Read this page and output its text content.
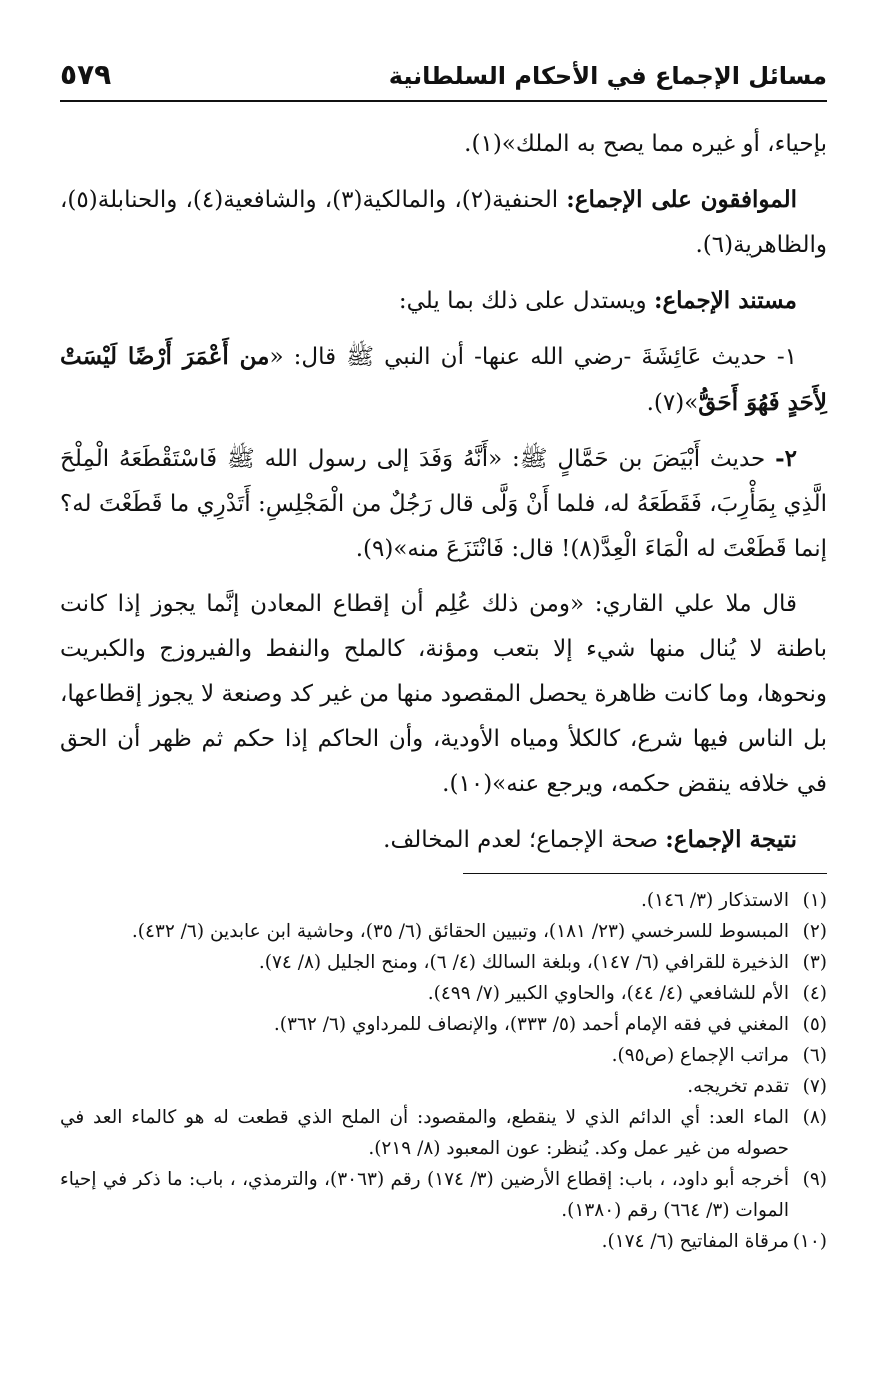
٥٧٩	مسائل الإجماع في الأحكام السلطانية

بإحياء، أو غيره مما يصح به الملك»(١).

الموافقون على الإجماع: الحنفية(٢)، والمالكية(٣)، والشافعية(٤)، والحنابلة(٥)، والظاهرية(٦).

مستند الإجماع: ويستدل على ذلك بما يلي:

١- حديث عَائِشَةَ -رضي الله عنها- أن النبي ﷺ قال: «من أَعْمَرَ أَرْضًا لَيْسَتْ لِأَحَدٍ فَهُوَ أَحَقُّ»(٧).

٢- حديث أَبْيَضَ بن حَمَّالٍ ﷺ: «أَنَّهُ وَفَدَ إلى رسول الله ﷺ فَاسْتَقْطَعَهُ الْمِلْحَ الَّذِي بِمَأْرِبَ، فَقَطَعَهُ له، فلما أَنْ وَلَّى قال رَجُلٌ من الْمَجْلِسِ: أَتَدْرِي ما قَطَعْتَ له؟ إنما قَطَعْتَ له الْمَاءَ الْعِدَّ(٨)! قال: فَانْتَزَعَ منه»(٩).

قال ملا علي القاري: «ومن ذلك عُلِم أن إقطاع المعادن إنَّما يجوز إذا كانت باطنة لا يُنال منها شيء إلا بتعب ومؤنة، كالملح والنفط والفيروزج والكبريت ونحوها، وما كانت ظاهرة يحصل المقصود منها من غير كد وصنعة لا يجوز إقطاعها، بل الناس فيها شرع، كالكلأ ومياه الأودية، وأن الحاكم إذا حكم ثم ظهر أن الحق في خلافه ينقض حكمه، ويرجع عنه»(١٠).

نتيجة الإجماع: صحة الإجماع؛ لعدم المخالف.

(١)
الاستذكار (٣/ ١٤٦).

(٢)
المبسوط للسرخسي (٢٣/ ١٨١)، وتبيين الحقائق (٦/ ٣٥)، وحاشية ابن عابدين (٦/ ٤٣٢).

(٣)
الذخيرة للقرافي (٦/ ١٤٧)، وبلغة السالك (٤/ ٦)، ومنح الجليل (٨/ ٧٤).

(٤)
الأم للشافعي (٤/ ٤٤)، والحاوي الكبير (٧/ ٤٩٩).

(٥)
المغني في فقه الإمام أحمد (٥/ ٣٣٣)، والإنصاف للمرداوي (٦/ ٣٦٢).

(٦)
مراتب الإجماع (ص٩٥).

(٧)
تقدم تخريجه.

(٨)
الماء العد: أي الدائم الذي لا ينقطع، والمقصود: أن الملح الذي قطعت له هو كالماء العد في حصوله من غير عمل وكد. يُنظر: عون المعبود (٨/ ٢١٩).

(٩)
أخرجه أبو داود، ، باب: إقطاع الأرضين (٣/ ١٧٤) رقم (٣٠٦٣)، والترمذي، ، باب: ما ذكر في إحياء الموات (٣/ ٦٦٤) رقم (١٣٨٠).

(١٠)
مرقاة المفاتيح (٦/ ١٧٤).
